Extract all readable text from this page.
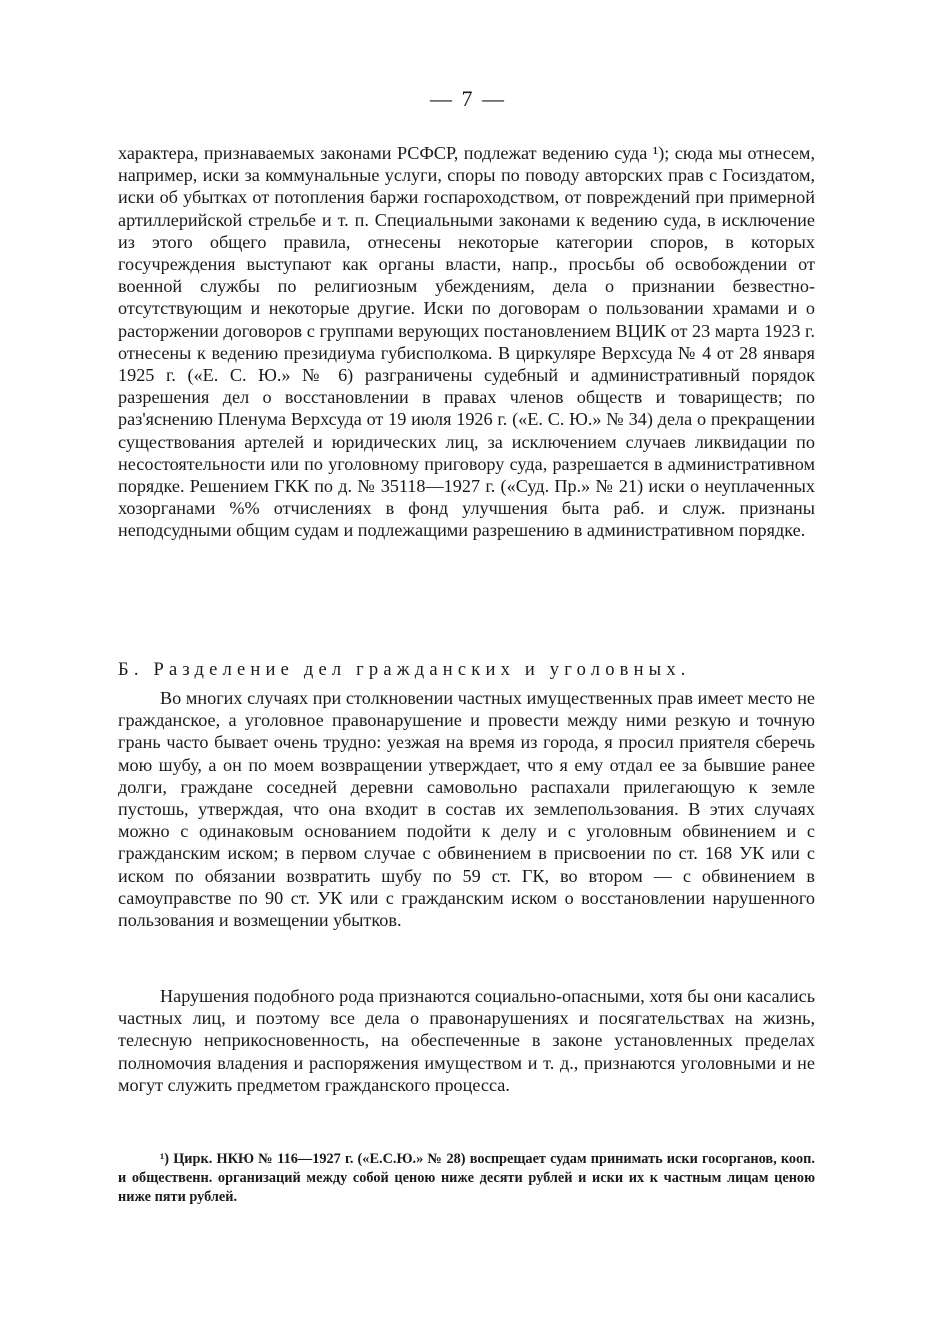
— 7 —

характера, признаваемых законами РСФСР, подлежат ведению суда ¹); сюда мы отнесем, например, иски за коммунальные услуги, споры по поводу авторских прав с Госиздатом, иски об убытках от потопления баржи госпароходством, от повреждений при примерной артиллерийской стрельбе и т. п. Специальными законами к ведению суда, в исключение из этого общего правила, отнесены некоторые категории споров, в которых госучреждения выступают как органы власти, напр., просьбы об освобождении от военной службы по религиозным убеждениям, дела о признании безвестно-отсутствующим и некоторые другие. Иски по договорам о пользовании храмами и о расторжении договоров с группами верующих постановлением ВЦИК от 23 марта 1923 г. отнесены к ведению президиума губисполкома. В циркуляре Верхсуда № 4 от 28 января 1925 г. («Е. С. Ю.» № 6) разграничены судебный и административный порядок разрешения дел о восстановлении в правах членов обществ и товариществ; по раз'яснению Пленума Верхсуда от 19 июля 1926 г. («Е. С. Ю.» № 34) дела о прекращении существования артелей и юридических лиц, за исключением случаев ликвидации по несостоятельности или по уголовному приговору суда, разрешается в административном порядке. Решением ГКК по д. № 35118—1927 г. («Суд. Пр.» № 21) иски о неуплаченных хозорганами %% отчислениях в фонд улучшения быта раб. и служ. признаны неподсудными общим судам и подлежащими разрешению в административном порядке.

Б. Разделение дел гражданских и уголовных.

Во многих случаях при столкновении частных имущественных прав имеет место не гражданское, а уголовное правонарушение и провести между ними резкую и точную грань часто бывает очень трудно: уезжая на время из города, я просил приятеля сберечь мою шубу, а он по моем возвращении утверждает, что я ему отдал ее за бывшие ранее долги, граждане соседней деревни самовольно распахали прилегающую к земле пустошь, утверждая, что она входит в состав их землепользования. В этих случаях можно с одинаковым основанием подойти к делу и с уголовным обвинением и с гражданским иском; в первом случае с обвинением в присвоении по ст. 168 УК или с иском по обязании возвратить шубу по 59 ст. ГК, во втором — с обвинением в самоуправстве по 90 ст. УК или с гражданским иском о восстановлении нарушенного пользования и возмещении убытков.

Нарушения подобного рода признаются социально-опасными, хотя бы они касались частных лиц, и поэтому все дела о правонарушениях и посягательствах на жизнь, телесную неприкосновенность, на обеспеченные в законе установленных пределах полномочия владения и распоряжения имуществом и т. д., признаются уголовными и не могут служить предметом гражданского процесса.

¹) Цирк. НКЮ № 116—1927 г. («Е.С.Ю.» № 28) воспрещает судам принимать иски госорганов, кооп. и общественн. организаций между собой ценою ниже десяти рублей и иски их к частным лицам ценою ниже пяти рублей.
